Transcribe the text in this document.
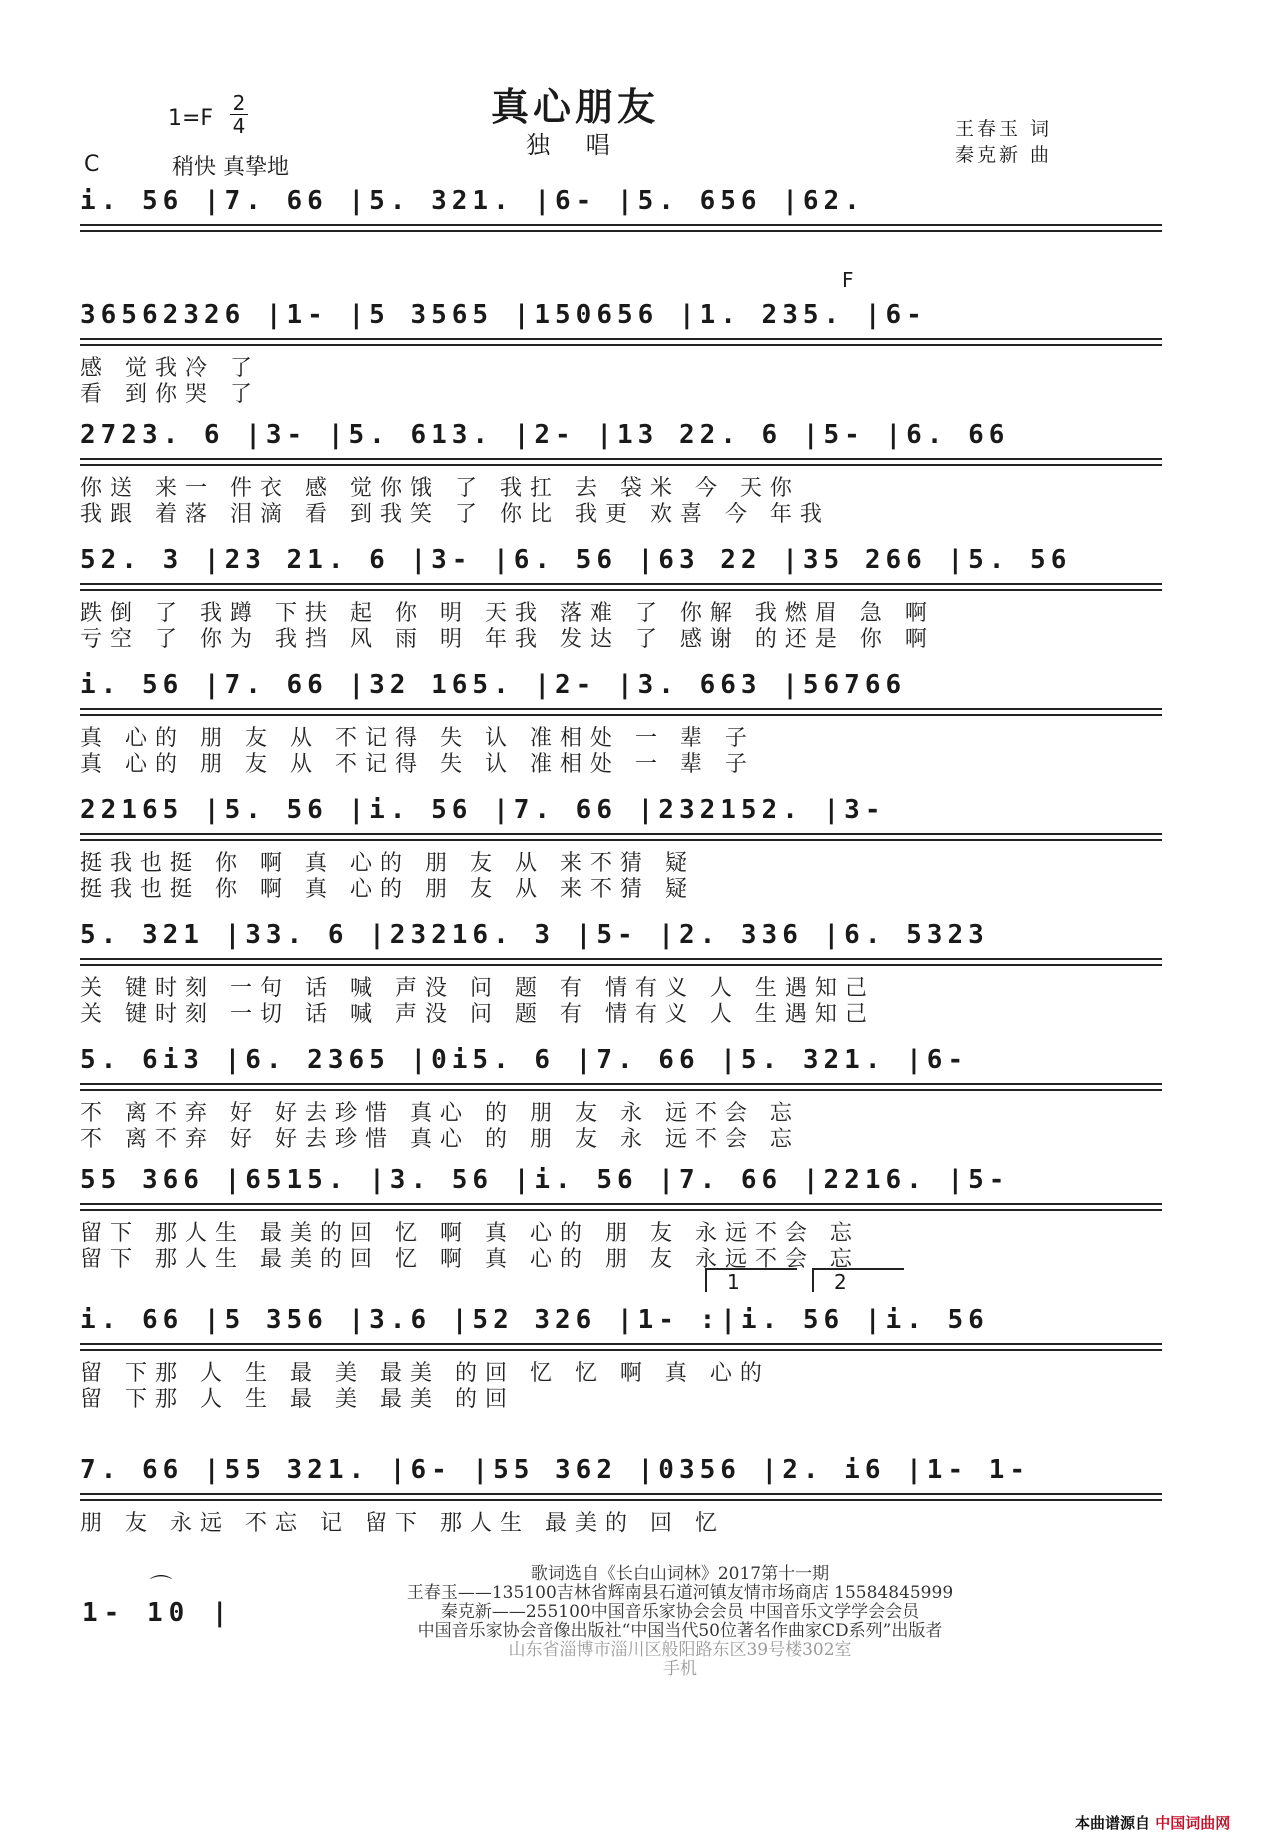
真心朋友
独 唱
1=F
2
4
C	稍快 真挚地
王春玉 词
秦克新 曲
F
i. 56 |7. 66 |5. 321. |6- |5. 656 |62.
36562326 |1- |5 3565 |150656 |1. 235. |6-
感 觉我冷 了
看 到你哭 了
2723. 6 |3- |5. 613. |2- |13 22. 6 |5- |6. 66
你送 来一 件衣 感 觉你饿 了 我扛 去 袋米 今 天你
我跟 着落 泪滴 看 到我笑 了 你比 我更 欢喜 今 年我
52. 3 |23 21. 6 |3- |6. 56 |63 22 |35 266 |5. 56
跌倒 了 我蹲 下扶 起 你 明 天我 落难 了 你解 我燃眉 急 啊
亏空 了 你为 我挡 风 雨 明 年我 发达 了 感谢 的还是 你 啊
i. 56 |7. 66 |32 165. |2- |3. 663 |56766
真 心的 朋 友 从 不记得 失 认 准相处 一 辈 子
真 心的 朋 友 从 不记得 失 认 准相处 一 辈 子
22165 |5. 56 |i. 56 |7. 66 |232152. |3-
挺我也挺 你 啊 真 心的 朋 友 从 来不猜 疑
挺我也挺 你 啊 真 心的 朋 友 从 来不猜 疑
5. 321 |33. 6 |23216. 3 |5- |2. 336 |6. 5323
关 键时刻 一句 话 喊 声没 问 题 有 情有义 人 生遇知己
关 键时刻 一切 话 喊 声没 问 题 有 情有义 人 生遇知己
5. 6i3 |6. 2365 |0i5. 6 |7. 66 |5. 321. |6-
不 离不弃 好 好去珍惜 真心 的 朋 友 永 远不会 忘
不 离不弃 好 好去珍惜 真心 的 朋 友 永 远不会 忘
55 366 |6515. |3. 56 |i. 56 |7. 66 |2216. |5-
留下 那人生 最美的回 忆 啊 真 心的 朋 友 永远不会 忘
留下 那人生 最美的回 忆 啊 真 心的 朋 友 永远不会 忘
1	2
i. 66 |5 356 |3.6 |52 326 |1- :|i. 56 |i. 56
留 下那 人 生 最 美 最美 的回 忆 忆 啊 真 心的
留 下那 人 生 最 美 最美 的回
7. 66 |55 321. |6- |55 362 |0356 |2. i6 |1- 1-
朋 友 永远 不忘 记 留下 那人生 最美的 回 忆
⌒
1- 10 |
歌词选自《长白山词林》2017第十一期
王春玉——135100吉林省辉南县石道河镇友情市场商店 15584845999
秦克新——255100中国音乐家协会会员 中国音乐文学学会会员
中国音乐家协会音像出版社“中国当代50位著名作曲家CD系列”出版者
山东省淄博市淄川区般阳路东区39号楼302室
手机
本曲谱源自 中国词曲网
